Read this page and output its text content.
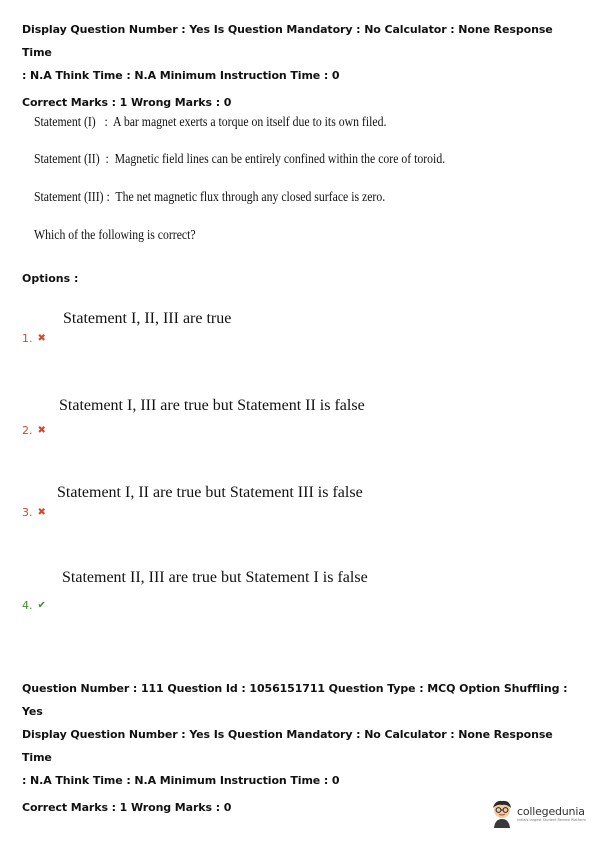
Display Question Number : Yes Is Question Mandatory : No Calculator : None Response Time

: N.A Think Time : N.A Minimum Instruction Time : 0

Correct Marks : 1 Wrong Marks : 0

Statement (I) : A bar magnet exerts a torque on itself due to its own filed.
Statement (II) : Magnetic field lines can be entirely confined within the core of toroid.
Statement (III) : The net magnetic flux through any closed surface is zero.
Which of the following is correct?
Options :
Statement I, II, III are true
1. ✖
Statement I, III are true but Statement II is false
2. ✖
Statement I, II are true but Statement III is false
3. ✖
Statement II, III are true but Statement I is false
4. ✔

Question Number : 111 Question Id : 1056151711 Question Type : MCQ Option Shuffling : Yes

Display Question Number : Yes Is Question Mandatory : No Calculator : None Response Time

: N.A Think Time : N.A Minimum Instruction Time : 0

Correct Marks : 1 Wrong Marks : 0	collegedunia
India's largest Student Review Platform
